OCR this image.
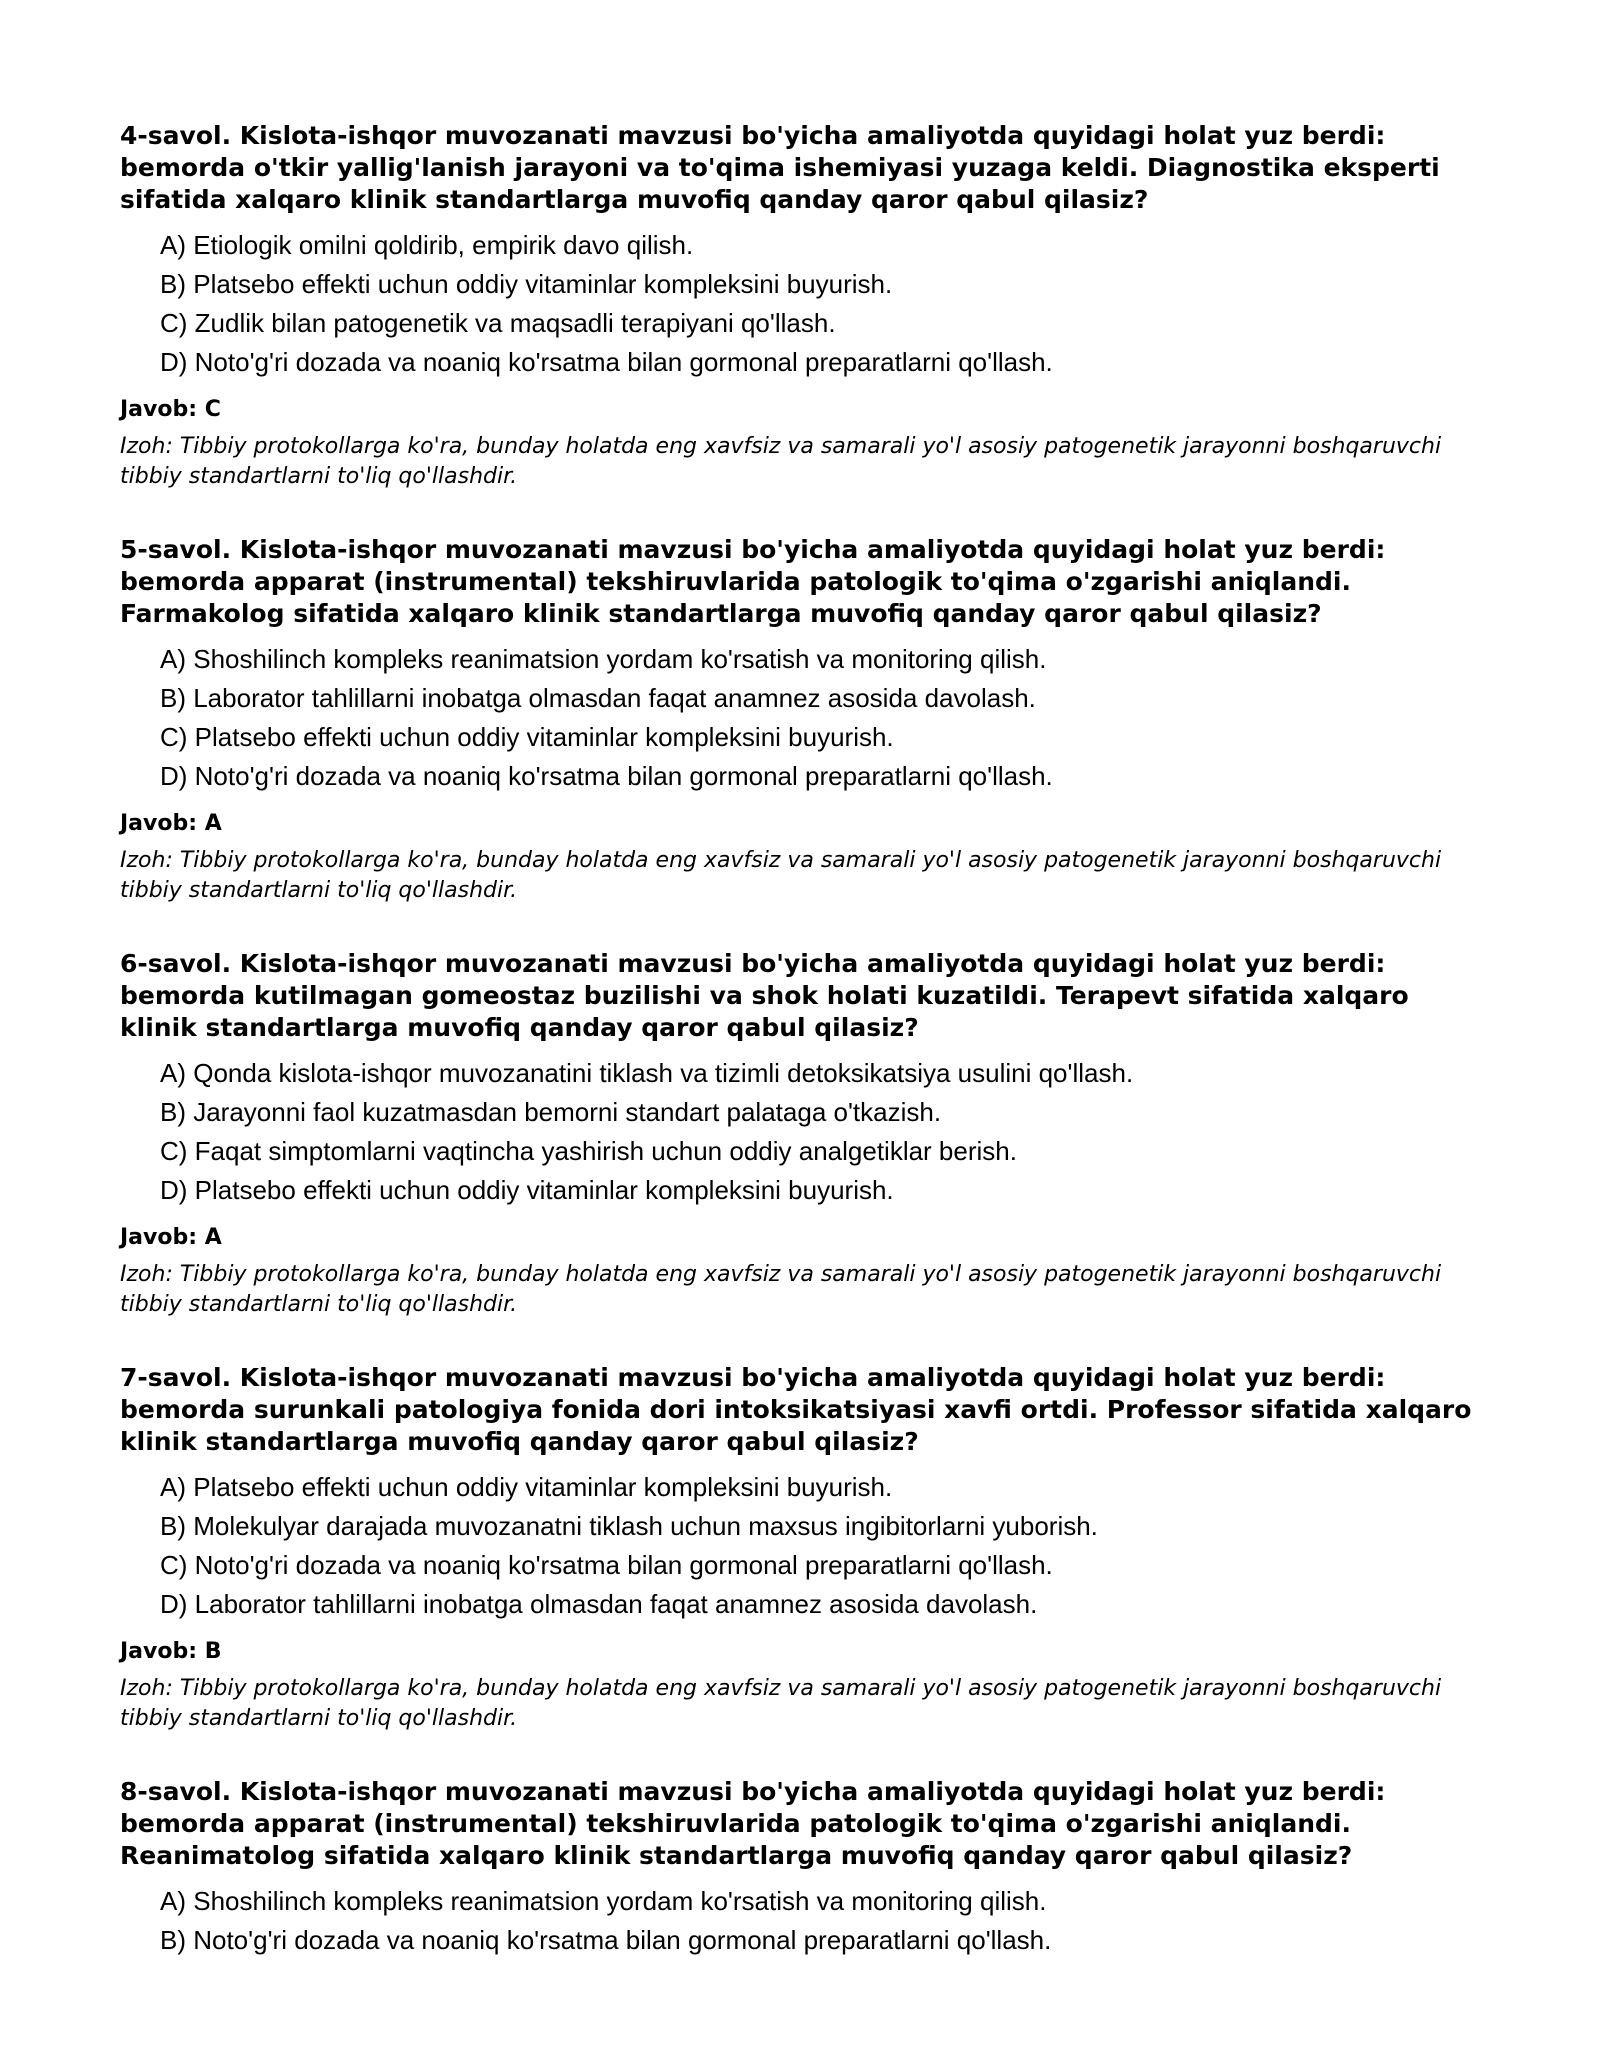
4-savol. Kislota-ishqor muvozanati mavzusi bo'yicha amaliyotda quyidagi holat yuz berdi: bemorda o'tkir yallig'lanish jarayoni va to'qima ishemiyasi yuzaga keldi. Diagnostika eksperti sifatida xalqaro klinik standartlarga muvofiq qanday qaror qabul qilasiz?

A) Etiologik omilni qoldirib, empirik davo qilish.
B) Platsebo effekti uchun oddiy vitaminlar kompleksini buyurish.
C) Zudlik bilan patogenetik va maqsadli terapiyani qo'llash.
D) Noto'g'ri dozada va noaniq ko'rsatma bilan gormonal preparatlarni qo'llash.

Javob: C

Izoh: Tibbiy protokollarga ko'ra, bunday holatda eng xavfsiz va samarali yo'l asosiy patogenetik jarayonni boshqaruvchi tibbiy standartlarni to'liq qo'llashdir.

5-savol. Kislota-ishqor muvozanati mavzusi bo'yicha amaliyotda quyidagi holat yuz berdi: bemorda apparat (instrumental) tekshiruvlarida patologik to'qima o'zgarishi aniqlandi. Farmakolog sifatida xalqaro klinik standartlarga muvofiq qanday qaror qabul qilasiz?

A) Shoshilinch kompleks reanimatsion yordam ko'rsatish va monitoring qilish.
B) Laborator tahlillarni inobatga olmasdan faqat anamnez asosida davolash.
C) Platsebo effekti uchun oddiy vitaminlar kompleksini buyurish.
D) Noto'g'ri dozada va noaniq ko'rsatma bilan gormonal preparatlarni qo'llash.

Javob: A

Izoh: Tibbiy protokollarga ko'ra, bunday holatda eng xavfsiz va samarali yo'l asosiy patogenetik jarayonni boshqaruvchi tibbiy standartlarni to'liq qo'llashdir.

6-savol. Kislota-ishqor muvozanati mavzusi bo'yicha amaliyotda quyidagi holat yuz berdi: bemorda kutilmagan gomeostaz buzilishi va shok holati kuzatildi. Terapevt sifatida xalqaro klinik standartlarga muvofiq qanday qaror qabul qilasiz?

A) Qonda kislota-ishqor muvozanatini tiklash va tizimli detoksikatsiya usulini qo'llash.
B) Jarayonni faol kuzatmasdan bemorni standart palataga o'tkazish.
C) Faqat simptomlarni vaqtincha yashirish uchun oddiy analgetiklar berish.
D) Platsebo effekti uchun oddiy vitaminlar kompleksini buyurish.

Javob: A

Izoh: Tibbiy protokollarga ko'ra, bunday holatda eng xavfsiz va samarali yo'l asosiy patogenetik jarayonni boshqaruvchi tibbiy standartlarni to'liq qo'llashdir.

7-savol. Kislota-ishqor muvozanati mavzusi bo'yicha amaliyotda quyidagi holat yuz berdi: bemorda surunkali patologiya fonida dori intoksikatsiyasi xavfi ortdi. Professor sifatida xalqaro klinik standartlarga muvofiq qanday qaror qabul qilasiz?

A) Platsebo effekti uchun oddiy vitaminlar kompleksini buyurish.
B) Molekulyar darajada muvozanatni tiklash uchun maxsus ingibitorlarni yuborish.
C) Noto'g'ri dozada va noaniq ko'rsatma bilan gormonal preparatlarni qo'llash.
D) Laborator tahlillarni inobatga olmasdan faqat anamnez asosida davolash.

Javob: B

Izoh: Tibbiy protokollarga ko'ra, bunday holatda eng xavfsiz va samarali yo'l asosiy patogenetik jarayonni boshqaruvchi tibbiy standartlarni to'liq qo'llashdir.

8-savol. Kislota-ishqor muvozanati mavzusi bo'yicha amaliyotda quyidagi holat yuz berdi: bemorda apparat (instrumental) tekshiruvlarida patologik to'qima o'zgarishi aniqlandi. Reanimatolog sifatida xalqaro klinik standartlarga muvofiq qanday qaror qabul qilasiz?

A) Shoshilinch kompleks reanimatsion yordam ko'rsatish va monitoring qilish.
B) Noto'g'ri dozada va noaniq ko'rsatma bilan gormonal preparatlarni qo'llash.
